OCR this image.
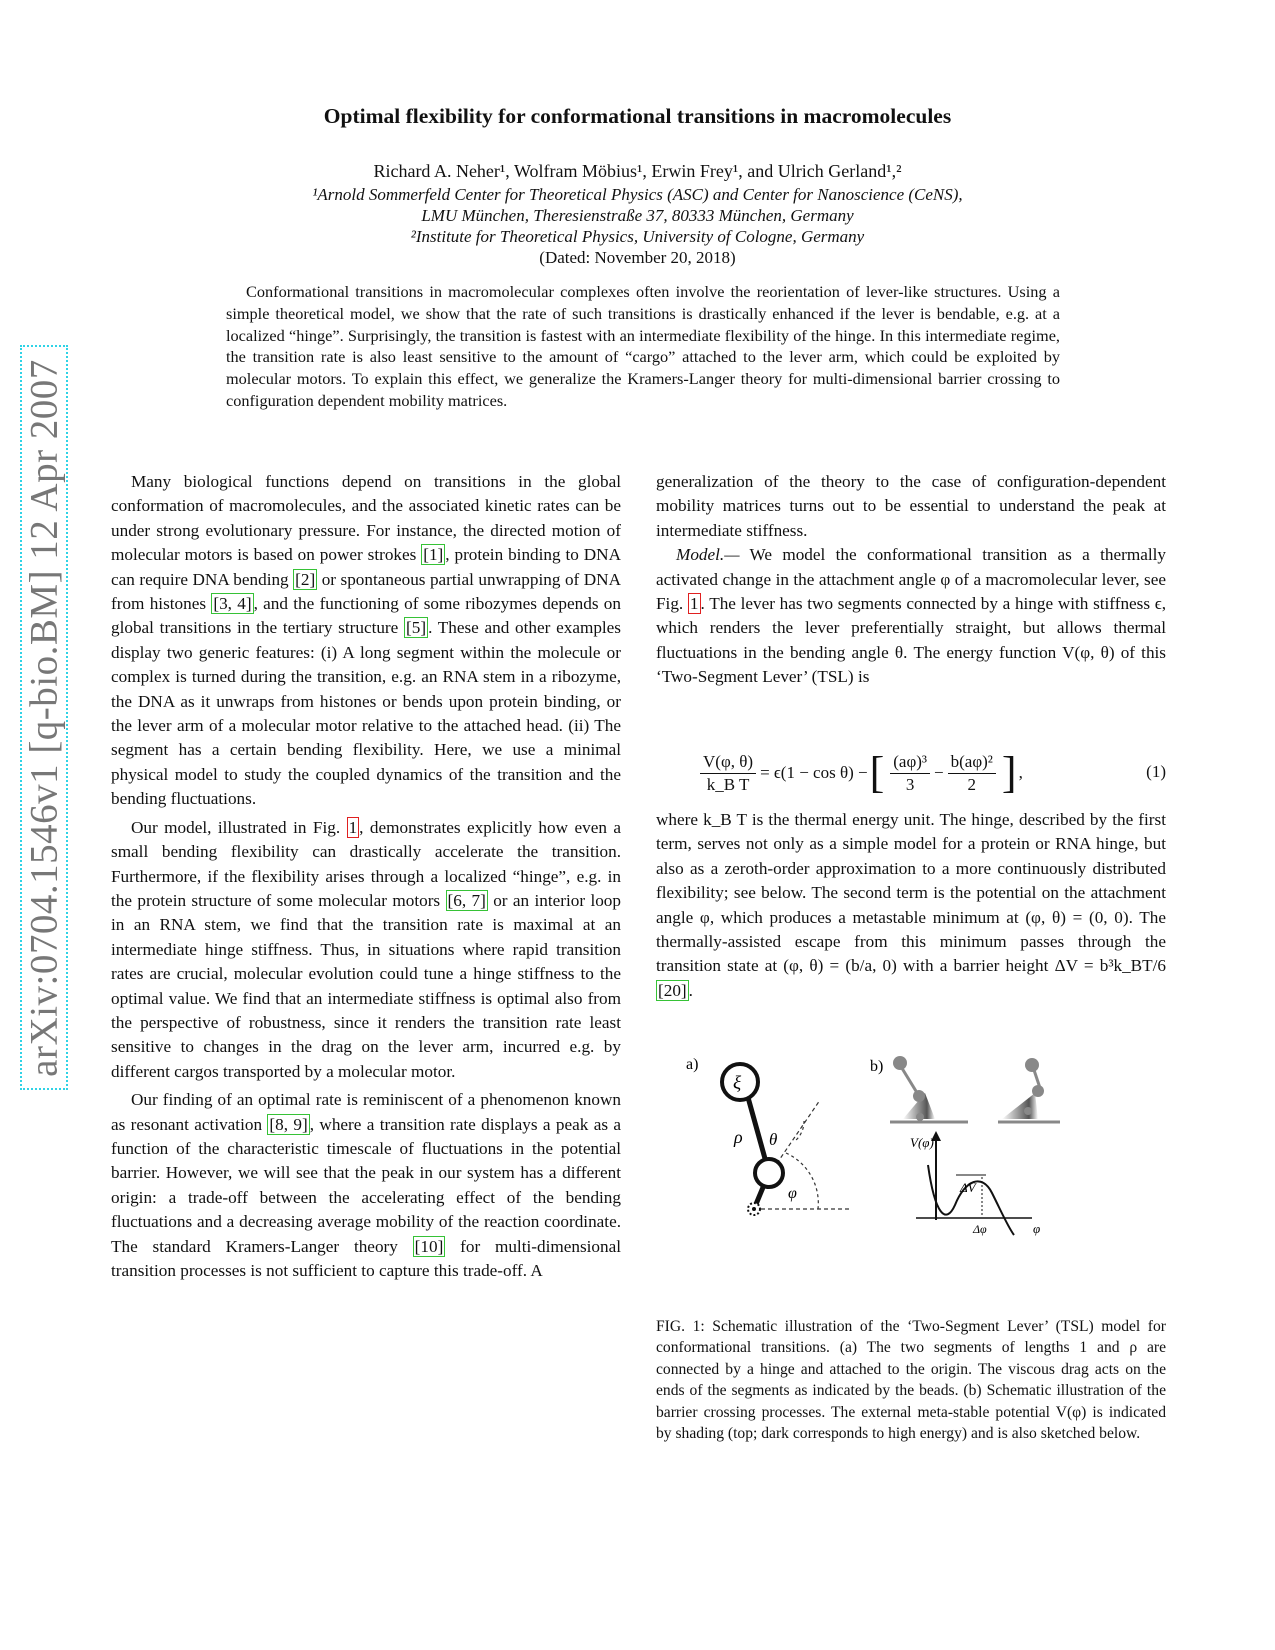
arXiv:0704.1546v1 [q-bio.BM] 12 Apr 2007
Optimal flexibility for conformational transitions in macromolecules
Richard A. Neher¹, Wolfram Möbius¹, Erwin Frey¹, and Ulrich Gerland¹,²
¹Arnold Sommerfeld Center for Theoretical Physics (ASC) and Center for Nanoscience (CeNS),
LMU München, Theresienstraße 37, 80333 München, Germany
²Institute for Theoretical Physics, University of Cologne, Germany
(Dated: November 20, 2018)

Conformational transitions in macromolecular complexes often involve the reorientation of lever-like structures. Using a simple theoretical model, we show that the rate of such transitions is drastically enhanced if the lever is bendable, e.g. at a localized “hinge”. Surprisingly, the transition is fastest with an intermediate flexibility of the hinge. In this intermediate regime, the transition rate is also least sensitive to the amount of “cargo” attached to the lever arm, which could be exploited by molecular motors. To explain this effect, we generalize the Kramers-Langer theory for multi-dimensional barrier crossing to configuration dependent mobility matrices.

Many biological functions depend on transitions in the global conformation of macromolecules, and the associated kinetic rates can be under strong evolutionary pressure. For instance, the directed motion of molecular motors is based on power strokes [1] , protein binding to DNA can require DNA bending [2] or spontaneous partial unwrapping of DNA from histones [3, 4] , and the functioning of some ribozymes depends on global transitions in the tertiary structure [5] . These and other examples display two generic features: (i) A long segment within the molecule or complex is turned during the transition, e.g. an RNA stem in a ribozyme, the DNA as it unwraps from histones or bends upon protein binding, or the lever arm of a molecular motor relative to the attached head. (ii) The segment has a certain bending flexibility. Here, we use a minimal physical model to study the coupled dynamics of the transition and the bending fluctuations.

Our model, illustrated in Fig. 1 , demonstrates explicitly how even a small bending flexibility can drastically accelerate the transition. Furthermore, if the flexibility arises through a localized “hinge”, e.g. in the protein structure of some molecular motors [6, 7] or an interior loop in an RNA stem, we find that the transition rate is maximal at an intermediate hinge stiffness. Thus, in situations where rapid transition rates are crucial, molecular evolution could tune a hinge stiffness to the optimal value. We find that an intermediate stiffness is optimal also from the perspective of robustness, since it renders the transition rate least sensitive to changes in the drag on the lever arm, incurred e.g. by different cargos transported by a molecular motor.

Our finding of an optimal rate is reminiscent of a phenomenon known as resonant activation [8, 9] , where a transition rate displays a peak as a function of the characteristic timescale of fluctuations in the potential barrier. However, we will see that the peak in our system has a different origin: a trade-off between the accelerating effect of the bending fluctuations and a decreasing average mobility of the reaction coordinate. The standard Kramers-Langer theory [10] for multi-dimensional transition processes is not sufficient to capture this trade-off. A

generalization of the theory to the case of configuration-dependent mobility matrices turns out to be essential to understand the peak at intermediate stiffness.

Model.— We model the conformational transition as a thermally activated change in the attachment angle φ of a macromolecular lever, see Fig. 1 . The lever has two segments connected by a hinge with stiffness ϵ, which renders the lever preferentially straight, but allows thermal fluctuations in the bending angle θ. The energy function V(φ, θ) of this ‘Two-Segment Lever’ (TSL) is

$\frac{V(\varphi, \theta)}{\text{k\_B T}} = \epsilon(1 - \cos \theta)$ − [ $\frac{\text{(aφ)³}}{3} - \frac{\text{b(aφ)²}}{2}$ ] ,	(1)

where k_B T is the thermal energy unit. The hinge, described by the first term, serves not only as a simple model for a protein or RNA hinge, but also as a zeroth-order approximation to a more continuously distributed flexibility; see below. The second term is the potential on the attachment angle φ, which produces a metastable minimum at (φ, θ) = (0, 0). The thermally-assisted escape from this minimum passes through the transition state at (φ, θ) = (b/a, 0) with a barrier height ΔV = b³k_BT/6 [20] .

a)
ξ
ρ θ
φ
b)
V(φ)
φ
ΔV
Δφ

FIG. 1: Schematic illustration of the ‘Two-Segment Lever’ (TSL) model for conformational transitions. (a) The two segments of lengths 1 and ρ are connected by a hinge and attached to the origin. The viscous drag acts on the ends of the segments as indicated by the beads. (b) Schematic illustration of the barrier crossing processes. The external meta-stable potential V(φ) is indicated by shading (top; dark corresponds to high energy) and is also sketched below.
